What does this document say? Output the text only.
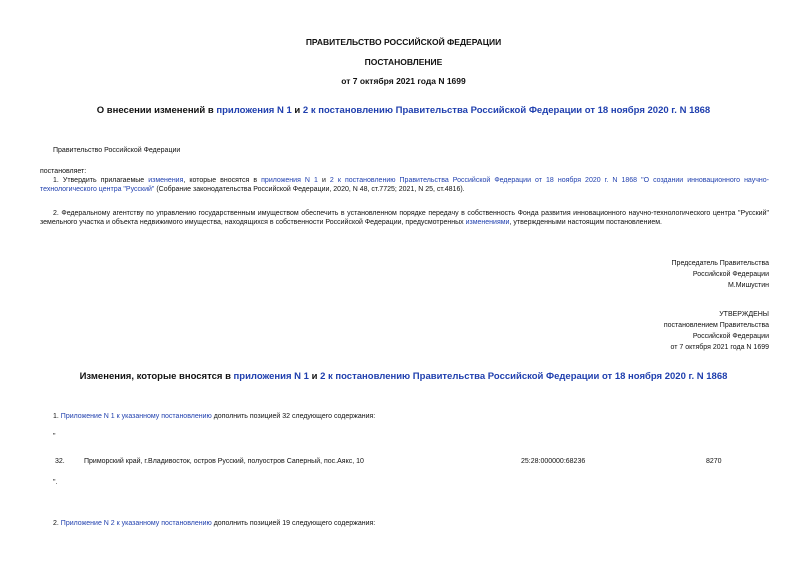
ПРАВИТЕЛЬСТВО РОССИЙСКОЙ ФЕДЕРАЦИИ
ПОСТАНОВЛЕНИЕ
от 7 октября 2021 года N 1699
О внесении изменений в приложения N 1 и 2 к постановлению Правительства Российской Федерации от 18 ноября 2020 г. N 1868
Правительство Российской Федерации
постановляет:
1. Утвердить прилагаемые изменения, которые вносятся в приложения N 1 и 2 к постановлению Правительства Российской Федерации от 18 ноября 2020 г. N 1868 "О создании инновационного научно-технологического центра "Русский" (Собрание законодательства Российской Федерации, 2020, N 48, ст.7725; 2021, N 25, ст.4816).
2. Федеральному агентству по управлению государственным имуществом обеспечить в установленном порядке передачу в собственность Фонда развития инновационного научно-технологического центра "Русский" земельного участка и объекта недвижимого имущества, находящихся в собственности Российской Федерации, предусмотренных изменениями, утвержденными настоящим постановлением.
Председатель Правительства
Российской Федерации
М.Мишустин
УТВЕРЖДЕНЫ
постановлением Правительства
Российской Федерации
от 7 октября 2021 года N 1699
Изменения, которые вносятся в приложения N 1 и 2 к постановлению Правительства Российской Федерации от 18 ноября 2020 г. N 1868
1. Приложение N 1 к указанному постановлению дополнить позицией 32 следующего содержания:
"
32.	Приморский край, г.Владивосток, остров Русский, полуостров Саперный, пос.Аякс, 10	25:28:000000:68236	8270
".
2. Приложение N 2 к указанному постановлению дополнить позицией 19 следующего содержания:
